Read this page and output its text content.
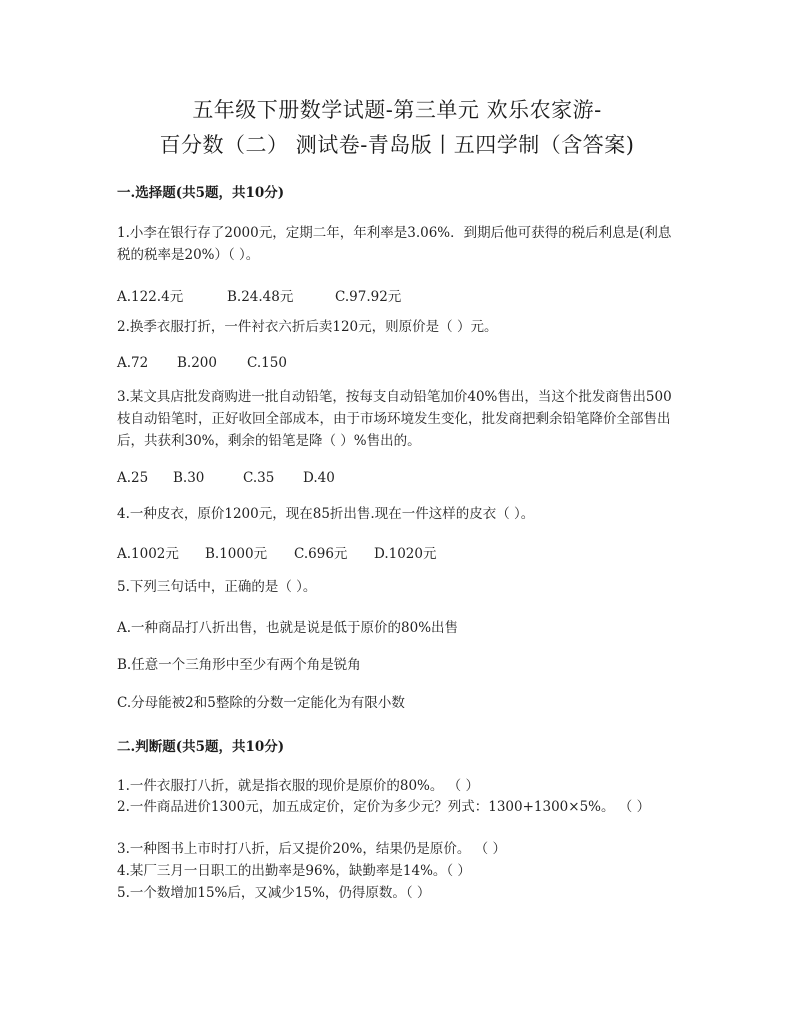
五年级下册数学试题-第三单元 欢乐农家游-
百分数（二） 测试卷-青岛版丨五四学制（含答案)
一.选择题(共5题，共10分)
1.小李在银行存了2000元，定期二年，年利率是3.06%．到期后他可获得的税后利息是(利息税的税率是20%）（ ）。
A.122.4元	B.24.48元	C.97.92元
2.换季衣服打折，一件衬衣六折后卖120元，则原价是（ ）元。
A.72 B.200 C.150
3.某文具店批发商购进一批自动铅笔，按每支自动铅笔加价40%售出，当这个批发商售出500枝自动铅笔时，正好收回全部成本，由于市场环境发生变化，批发商把剩余铅笔降价全部售出后，共获利30%，剩余的铅笔是降（ ）%售出的。
A.25 B.30	C.35 D.40
4.一种皮衣，原价1200元，现在85折出售.现在一件这样的皮衣（ ）。
A.1002元 B.1000元 C.696元 D.1020元
5.下列三句话中，正确的是（ ）。
A.一种商品打八折出售，也就是说是低于原价的80%出售
B.任意一个三角形中至少有两个角是锐角
C.分母能被2和5整除的分数一定能化为有限小数
二.判断题(共5题，共10分)
1.一件衣服打八折，就是指衣服的现价是原价的80%。 （ ）
2.一件商品进价1300元，加五成定价，定价为多少元？列式：1300+1300×5%。 （ ）
3.一种图书上市时打八折，后又提价20%，结果仍是原价。 （ ）
4.某厂三月一日职工的出勤率是96%，缺勤率是14%。（ ）
5.一个数增加15%后，又减少15%，仍得原数。（ ）
